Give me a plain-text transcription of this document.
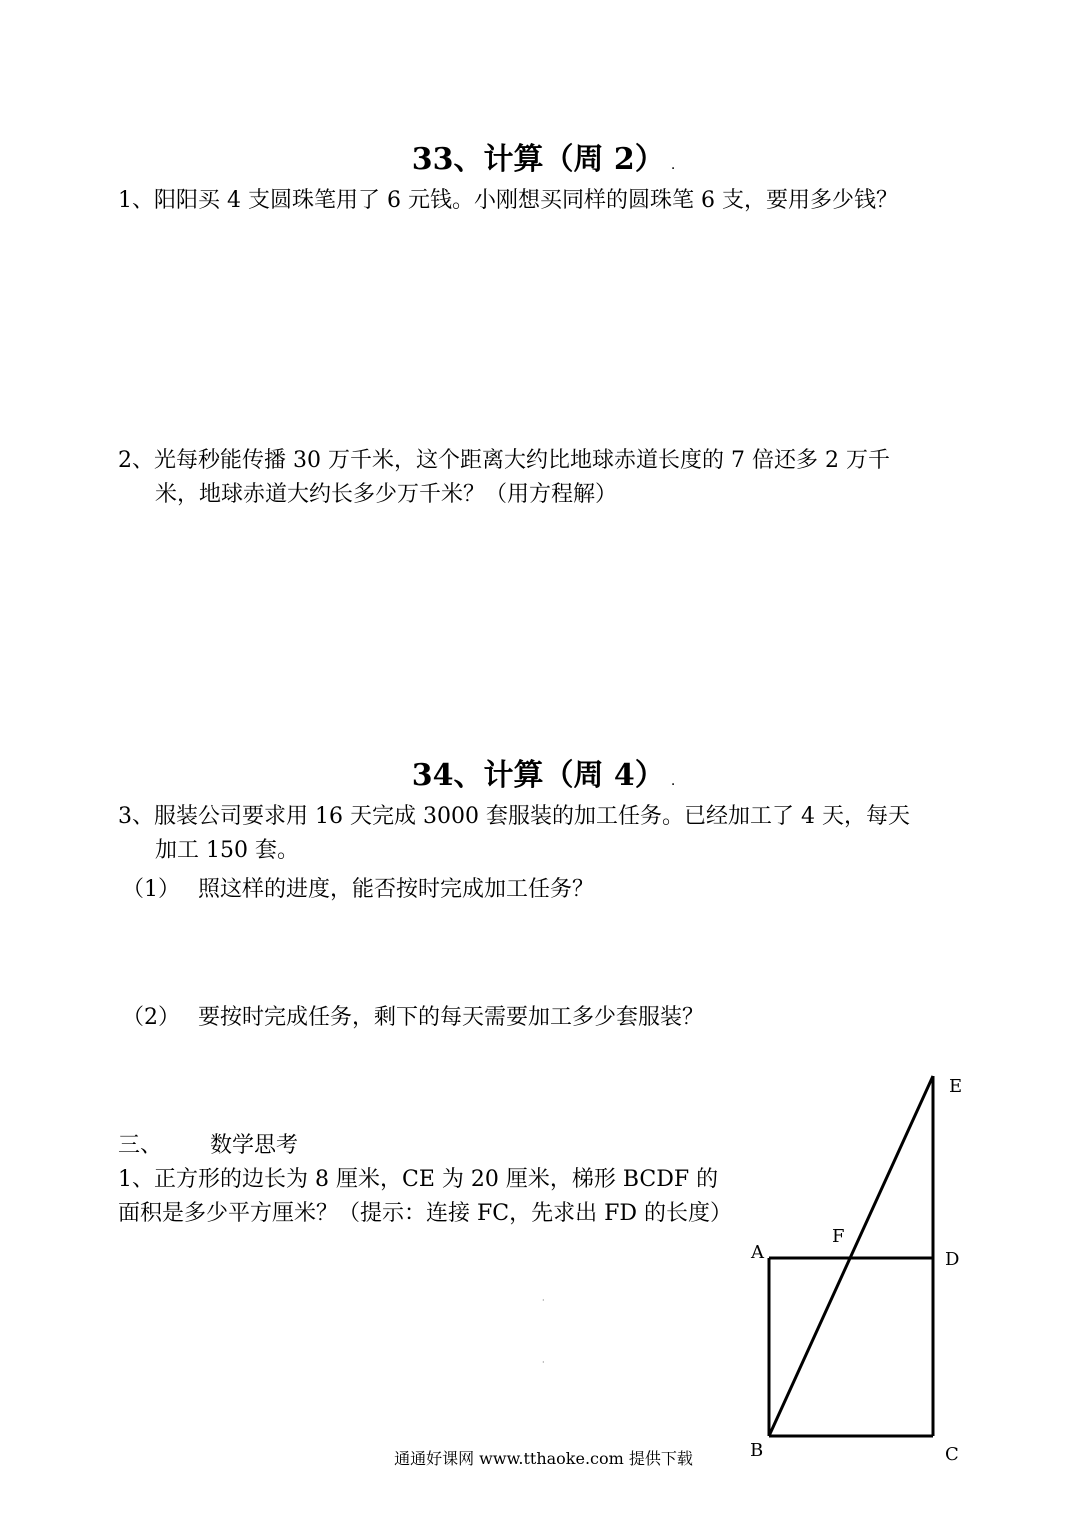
33、计算（周 2） .
1、阳阳买 4 支圆珠笔用了 6 元钱。小刚想买同样的圆珠笔 6 支，要用多少钱？
2、光每秒能传播 30 万千米，这个距离大约比地球赤道长度的 7 倍还多 2 万千
米，地球赤道大约长多少万千米？（用方程解）
34、计算（周 4） .
3、服装公司要求用 16 天完成 3000 套服装的加工任务。已经加工了 4 天，每天
加工 150 套。
（1） 照这样的进度，能否按时完成加工任务？
（2） 要按时完成任务，剩下的每天需要加工多少套服装？
三、 数学思考
1、正方形的边长为 8 厘米，CE 为 20 厘米，梯形 BCDF 的
面积是多少平方厘米？（提示：连接 FC，先求出 FD 的长度）
·
·
E
F
A	D
B	C
通通好课网 www.tthaoke.com 提供下载
